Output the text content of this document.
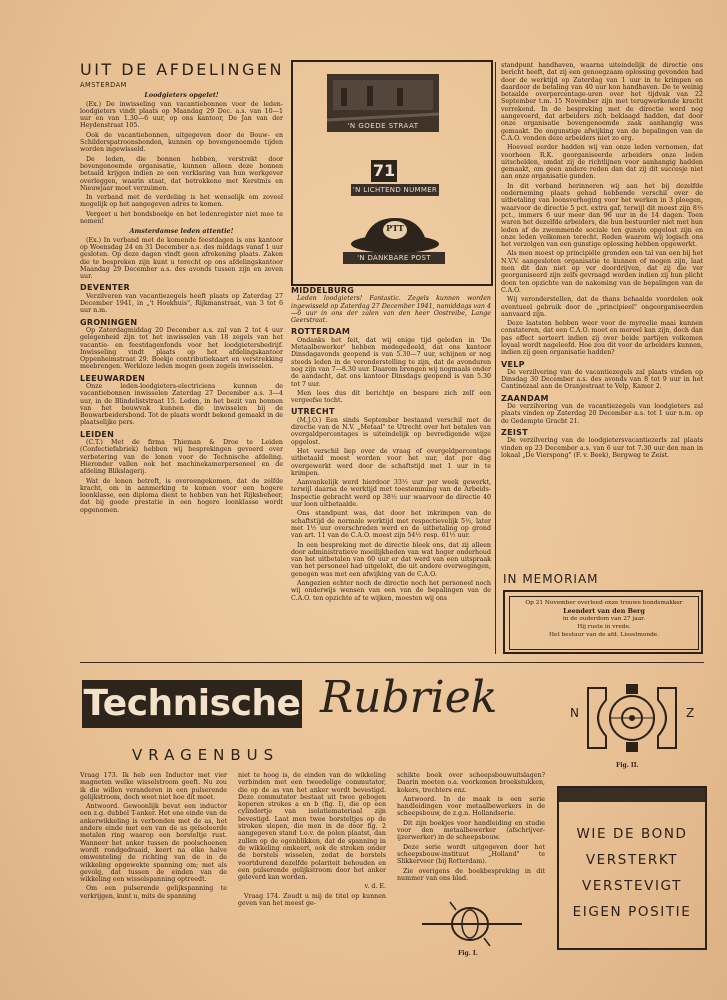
UIT DE AFDELINGEN
AMSTERDAM
Loodgieters opgelet!

(Ex.) De inwisseling van vacantiebonnen voor de leden-loodgieters vindt plaats op Maandag 29 Dec. a.s. van 10—1 uur en van 1.30—6 uur, op ons kantoor, De Jan van der Heydenstraat 105.

Ook de vacantiebonnen, uitgegeven door de Bouw- en Schilderspatroonsbonden, kunnen op bovengenoemde tijden worden ingewisseld.

De leden, die bonnen hebben, verstrekt door bovengenoemde organisatie, kunnen alleen deze bonnen betaald krijgen indien ze een verklaring van hun werkgever overleggen, waarin staat, dat betrokkene met Kerstmis en Nieuwjaar moet verzuimen.

In verband met de verdeling is het wenselijk om zoveel mogelijk op het aangegeven adres te komen.

Vergeet u het bondsboekje en het ledenregister niet mee te nemen!

Amsterdamse leden attentie!

(Ex.) In verband met de komende feestdagen is ons kantoor op Woensdag 24 en 31 December a.s. des middags vanaf 1 uur gesloten. Op deze dagen vindt geen afrekening plaats. Zaken die te bespreken zijn kunt u terecht op ons afdelingskantoor Maandag 29 December a.s. des avonds tussen zijn en zeven uur.

DEVENTER

Verzilveren van vacantiezegels heeft plaats op Zaterdag 27 December 1941, in „'t Hoekhuis", Rijkmanstraat, van 3 tot 6 uur n.m.

GRONINGEN

Op Zaterdagmiddag 20 December a.s. zal van 2 tot 4 uur gelegenheid zijn tot het inwisselen van 18 zegels van het vacantie- en feestdagenfonds voor het loodgietersbedrijf. Inwisseling vindt plaats op het afdelingskantoor Oppenheimstraat 29. Boekje contributiekaart en verstrekking meebrengen. Werkloze leden mogen geen zegels inwisselen.

LEEUWARDEN

Onze leden-loodgieters-electriciens kunnen de vacantiebonnen inwisselen Zaterdag 27 December a.s. 3—4 uur, in de Blindeliststraat 15. Leden, in het bezit van bonnen van het bouwvak kunnen die inwisselen bij de Bouwarbeidersbond. Tot de plaats wordt bekend gemaakt in de plaatselijke pers.

LEIDEN

(C.T.) Met de firma Thieman & Droe te Leiden (Confectiefabriek) hebben wij besprekingen gevoerd over verbetering van de lonen voor de Technische afdeling. Hieronder vallen ook het machinekamerpersoneel en de afdeling Blikslagerij.

Wat de lonen betreft, is overeengekomen, dat de zelfde kracht, om in aanmerking te komen voor een hogere loonklasse, een diploma dient te hebben van het Rijksbeheer, dat bij goede prestatie in een hogere loonklasse wordt opgenomen.

'N GOEDE STRAAT
71
'N LICHTEND NUMMER
PTT
'N DANKBARE POST
MIDDELBURG

Leden loodgieters! Fantastic. Zegels kunnen worden ingewisseld op Zaterdag 27 December 1941, namiddags van 4—6 uur in ons der zalen van den heer Oostreibe, Lange Geerstraat.

ROTTERDAM

Ondanks het feit, dat wij enige tijd geleden in 'De Metaalbewerker' hebben medegedeeld, dat ons kantoor Dinsdagavonds geopend is van 5.30—7 uur, schijnen er nog steeds leden in de veronderstelling te zijn, dat de avonduren nog zijn van 7—8.30 uur. Daarom brengen wij nogmaals onder de aandacht, dat ons kantoor Dinsdags geopend is van 5.30 tot 7 uur.

Men lees dus dit berichtje en bespare zich zelf een vergeefse tocht.

UTRECHT

(M.J.O.) Een sinds September bestaand verschil met de directie van de N.V. „Metaal" te Utrecht over het betalen van overgaldpercentages is uiteindelijk op bevredigende wijze opgelost.

Het verschil liep over de vraag of overgeldpercentage uitbetaald moest worden voor het uur, dat per dag overgewerkt werd door de schaftstijd met 1 uur in te krimpen.

Aanvankelijk werd hierdoor 33½ uur per week gewerkt, terwijl daarna de werktijd met toestemming van de Arbeids-Inspectie gebracht werd op 38½ uur waarvoor de directie 40 uur loon uitbetaalde.

Ons standpunt was, dat door het inkrimpen van de schaftstijd de normale werktijd met respectievelijk 5½, later met 1½ uur overschreden werd en de uitbetaling op grond van art. 11 van de C.A.O. moest zijn 54½ resp. 61½ uur.

In een bespreking met de directie bleek ons, dat zij alleen door administratieve moeilijkheden van wat hoger onderhoud van het uitbetalen van 60 uur er dat werd van een uitspraak van het personeel had uitgelokt, die uit andere overwegingen, genegen was met een afwijking van de C.A.O.

Aangezien echter noch de directie noch het personeel noch wij onderwijs wensen van een van de bepalingen van de C.A.O. ten opzichte af te wijken, moesten wij ons

standpunt handhaven, waarna uiteindelijk de directie ons bericht heeft, dat zij een genoegzaam oplossing gevonden had door de werktijd op Zaterdag van 1 uur in te krimpen en daardoor de betaling van 40 uur kon handhaven. De te weinig betaalde overpercentage-uren over het tijdvak van 22 September t.m. 15 November zijn met terugwerkende kracht verrekend. In de bespreking met de directie werd nog aangevoerd, dat arbeiders zich beklaagd hadden, dat door onze organisatie bovengenoemde zaak aanhangig was gemaakt. De ongunstige afwijking van de bepalingen van de C.A.O. vonden deze arbeiders niet zo erg.

Hoeveel eerder hadden wij van onze leden vernomen, dat voorheen R.K. georganiseerde arbeiders onze leden uitschelden, omdat zij de richtlijnen voor aanhangig hadden gemaakt, om geen andere reden dan dat zij dit succesje niet aan onze organisatie gunden.

In dit verband herinneren wij aan het bij dezelfde onderneming plaats gehad hebbende verschil over de uitbetaling van loonsverhoging voor het werken in 3 ploegen, waarvoor de directie 5 pct. extra gaf, terwijl dit moest zijn 8⅓ pct., immers 6 uur meer dan 96 uur in de 14 dagen. Toen waren het dezelfde arbeiders, die hun bestuurder niet met hun leden af de zwemmende sociale ten gunste opgelost zijn en onze leden volkomen terecht. Reden waarom wij logisch ons het verzolgen van een gunstige oplossing hebben opgewerkt.

Als men moest op principiële gronden een tal van een bij het N.V.V. aangesloten organisatie te kunnen of mogen zijn, laat men dit dan niet op ver doordrijven, dat zij die ver georganiseerd zijn zelfs gevraagd worden indien zij hun plicht doen ten opzichte van de nakoming van de bepalingen van de C.A.O.

Wij veronderstellen, dat de thans behaalde voordelen ook eventueel gebruik door de „principieel" ongeorganiseerden aanvaard zijn.

Deze laatsten hebben weer voor de myreelie maai kunnen constateren, dat een C.A.O. moet en moreel kan zijn, doch dan pas effect sorteert indien zij over beide partijen volkomen loyaal wordt nageleefd. Hoe zou dit voor de arbeiders kunnen, indien zij geen organisatie hadden?

VELP

De verzilvering van de vacantiezegels zal plaats vinden op Dinsdag 30 December a.s. des avonds van 8 tot 9 uur in het Cantinezaal aan de Oranjestraat te Velp, Kamer 2.

ZAANDAM

De verzilvering van de vacantiezegels van loodgieters zal plaats vinden op Zaterdag 20 December a.s. tot 1 uur n.m. op de Gedempte Gracht 21.

ZEIST

De verzilvering van de loodgietersvacantiezerls zal plaats vinden op 23 December a.s. van 6 uur tot 7.30 uur den man in lokaal „De Vierspong" (F. v. Beek), Bergweg te Zeist.

IN MEMORIAM
Op 21 November overleed onze trouwe bondsmakker
Leendert van den Berg
in de ouderdom van 27 jaar.
Hij ruste in vrede.
Het bestuur van de afd. Lisselmonde.
Technische Rubriek
VRAGENBUS
N	Z
Fig. II.

Vraag 173. Ik heb een Inductor met vier magneten welke wisselstroom geeft. Nu zou ik die willen veranderen in een pulserende gelijkstroom, doch weet niet hoe dit moet.

Antwoord. Gewoonlijk bevat een inductor een z.g. dubbel T-anker. Het ene einde van de ankerwikkeling is verbonden met de as, het andere einde met een van de as geïsoleerde metalen ring waarop een borsteltje rust. Wanneer het anker tussen de poolschoenen wordt rondgedraaid, keert na elke halve omwenteling de richting van de in de wikkeling opgewekte spanning om; met als gevolg, dat tussen de einden van de wikkeling een wisselspanning optreedt.

Om een pulserende gelijkspanning te verkrijgen, kunt u, mits de spanning

niet te hoog is, de einden van de wikkeling verbinden met een tweedelige commutator, die op de as van het anker wordt bevestigd. Deze commutator bestaat uit twee gebogen koperen strokes a en b (fig. I), die op een cylindertje van isolatiemateriaal zijn bevestigd. Laat men twee borsteltjes op de stroken slepen, die men in de door fig. 2 aangegeven stand t.o.v. de polen plaatst, dan zullen op de ogenblikken, dat de spanning in de wikkeling omkeert, ook de stroken onder de borstels wisselen, zodat de borstels voortdurend dezelfde polariteit behouden en een pulserende gelijkstroom door het anker geleverd kan worden.

v. d. E.

Vraag 174. Zoudt u mij de titel op kunnen geven van het meest ge-

schikte boek over scheepsbouwuitslagen? Daarin moeten o.a. voorkomen broekstukken, kokers, trechters enz.

Antwoord. In de maak is een serie handleidingen voor metaalbewerkers in de scheepsbouw, de z.g.n. Hollandserie.

Dit zijn boekjes voor handleiding en studie voor den metaalbewerker (afschrijver-ijzerwerker) in de scheepsbouw.

Deze serie wordt uitgegeven door het scheepsbouw-instituut „Holland" te Slikkerveer (bij Rotterdam).

Zie overigens de boekbespreking in dit nummer van ons blad.

Fig. I.
WIE DE BOND
VERSTERKT
VERSTEVIGT
EIGEN POSITIE
